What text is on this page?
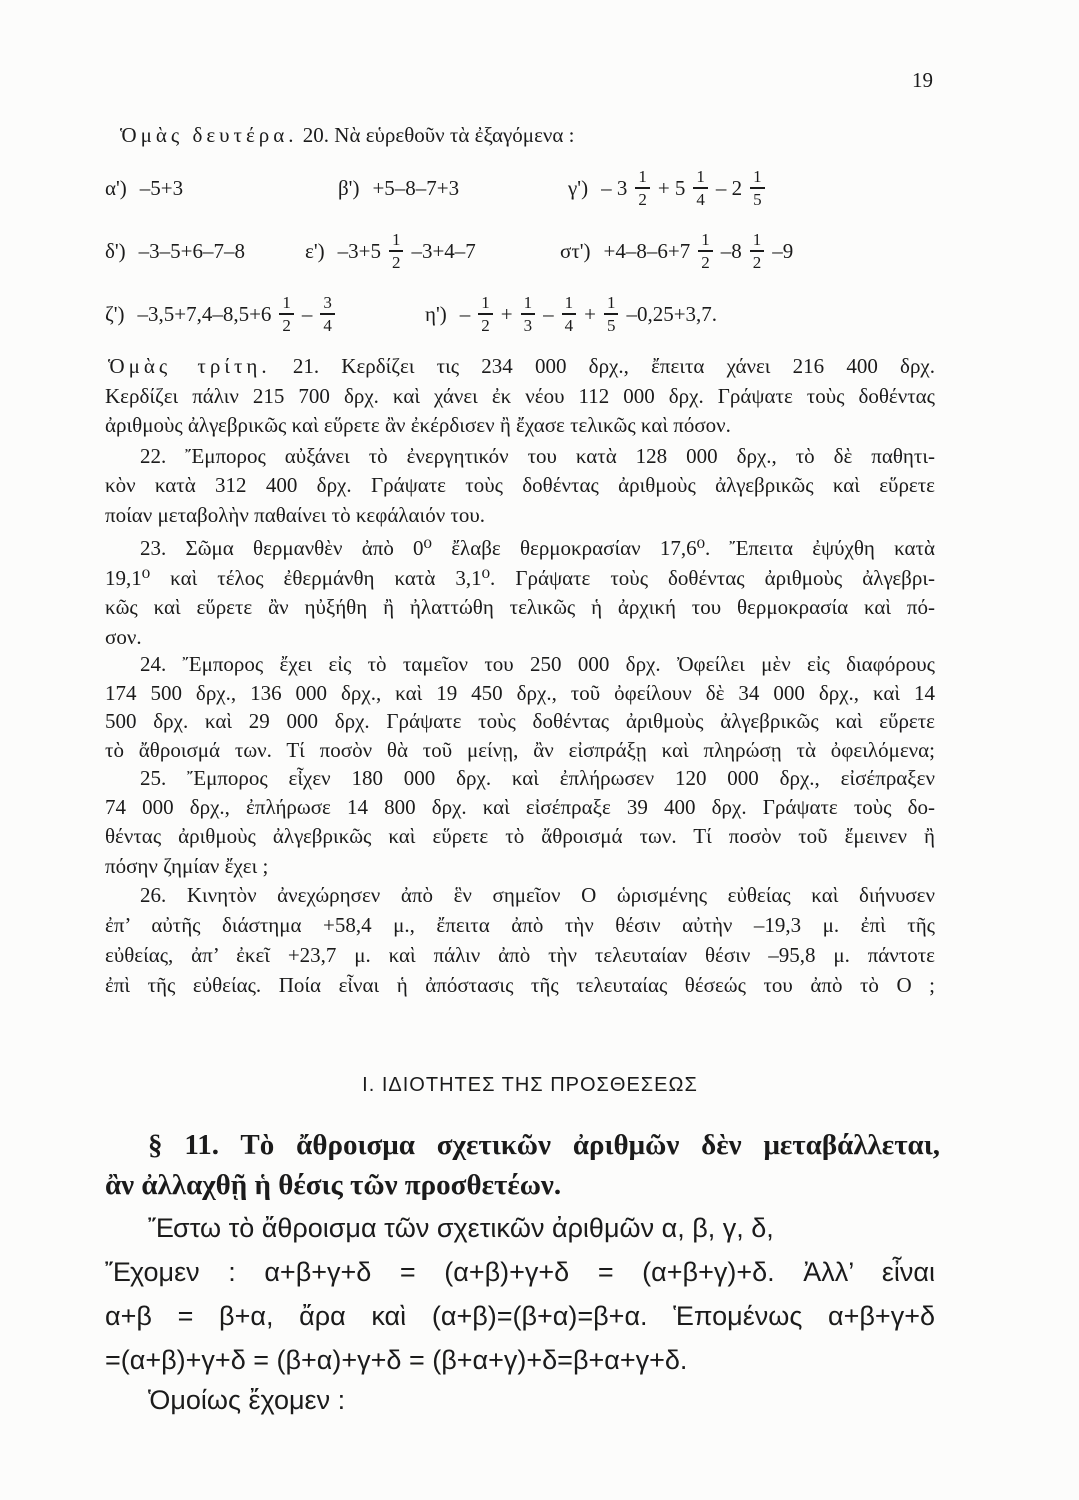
19
Ὁμὰς δευτέρα. 20. Νὰ εὑρεθοῦν τὰ ἐξαγόμενα :
α') –5+3	β') +5–8–7+3	$\gamma') - 3 \frac{1}{2} + 5 \frac{1}{4} - 2 \frac{1}{5}$
δ') –3–5+6–7–8	ε') $-3+5 \frac{1}{2} -3+4-7$	$\sigma\tau') +4-8-6+7 \frac{1}{2} -8 \frac{1}{2} -9$
ζ') $-3,5+7,4-8,5+6 \frac{1}{2} - \frac{3}{4}$	$\eta') - \frac{1}{2} + \frac{1}{3} - \frac{1}{4} + \frac{1}{5} -0,25+3,7$.
Ὁμὰς τρίτη. 21. Κερδίζει τις 234 000 δρχ., ἔπειτα χάνει 216 400 δρχ.
Κερδίζει πάλιν 215 700 δρχ. καὶ χάνει ἐκ νέου 112 000 δρχ. Γράψατε τοὺς δοθέντας
ἀριθμοὺς ἀλγεβρικῶς καὶ εὕρετε ἂν ἐκέρδισεν ἢ ἔχασε τελικῶς καὶ πόσον.
22. Ἔμπορος αὐξάνει τὸ ἐνεργητικόν του κατὰ 128 000 δρχ., τὸ δὲ παθητι-
κὸν κατὰ 312 400 δρχ. Γράψατε τοὺς δοθέντας ἀριθμοὺς ἀλγεβρικῶς καὶ εὕρετε
ποίαν μεταβολὴν παθαίνει τὸ κεφάλαιόν του.
23. Σῶμα θερμανθὲν ἀπὸ 0⁰ ἔλαβε θερμοκρασίαν 17,6⁰. Ἔπειτα ἐψύχθη κατὰ
19,1⁰ καὶ τέλος ἐθερμάνθη κατὰ 3,1⁰. Γράψατε τοὺς δοθέντας ἀριθμοὺς ἀλγεβρι-
κῶς καὶ εὕρετε ἂν ηὐξήθη ἢ ἠλαττώθη τελικῶς ἡ ἀρχική του θερμοκρασία καὶ πό-
σον.
24. Ἔμπορος ἔχει εἰς τὸ ταμεῖον του 250 000 δρχ. Ὀφείλει μὲν εἰς διαφόρους
174 500 δρχ., 136 000 δρχ., καὶ 19 450 δρχ., τοῦ ὀφείλουν δὲ 34 000 δρχ., καὶ 14
500 δρχ. καὶ 29 000 δρχ. Γράψατε τοὺς δοθέντας ἀριθμοὺς ἀλγεβρικῶς καὶ εὕρετε
τὸ ἄθροισμά των. Τί ποσὸν θὰ τοῦ μείνῃ, ἂν εἰσπράξῃ καὶ πληρώσῃ τὰ ὀφειλόμενα;
25. Ἔμπορος εἶχεν 180 000 δρχ. καὶ ἐπλήρωσεν 120 000 δρχ., εἰσέπραξεν
74 000 δρχ., ἐπλήρωσε 14 800 δρχ. καὶ εἰσέπραξε 39 400 δρχ. Γράψατε τοὺς δο-
θέντας ἀριθμοὺς ἀλγεβρικῶς καὶ εὕρετε τὸ ἄθροισμά των. Τί ποσὸν τοῦ ἔμεινεν ἢ
πόσην ζημίαν ἔχει ;
26. Κινητὸν ἀνεχώρησεν ἀπὸ ἓν σημεῖον Ο ὡρισμένης εὐθείας καὶ διήνυσεν
ἐπ’ αὐτῆς διάστημα +58,4 μ., ἔπειτα ἀπὸ τὴν θέσιν αὐτὴν –19,3 μ. ἐπὶ τῆς
εὐθείας, ἀπ’ ἐκεῖ +23,7 μ. καὶ πάλιν ἀπὸ τὴν τελευταίαν θέσιν –95,8 μ. πάντοτε
ἐπὶ τῆς εὐθείας. Ποία εἶναι ἡ ἀπόστασις τῆς τελευταίας θέσεώς του ἀπὸ τὸ Ο ;
Ι. ΙΔΙΟΤΗΤΕΣ ΤΗΣ ΠΡΟΣΘΕΣΕΩΣ
§ 11. Τὸ ἄθροισμα σχετικῶν ἀριθμῶν δὲν μεταβάλλεται,
ἂν ἀλλαχθῇ ἡ θέσις τῶν προσθετέων.
Ἔστω τὸ ἄθροισμα τῶν σχετικῶν ἀριθμῶν α, β, γ, δ,
Ἔχομεν : α+β+γ+δ = (α+β)+γ+δ = (α+β+γ)+δ. Ἀλλ’ εἶναι
α+β = β+α, ἄρα καὶ (α+β)=(β+α)=β+α. Ἑπομένως α+β+γ+δ
=(α+β)+γ+δ = (β+α)+γ+δ = (β+α+γ)+δ=β+α+γ+δ.
Ὁμοίως ἔχομεν :
